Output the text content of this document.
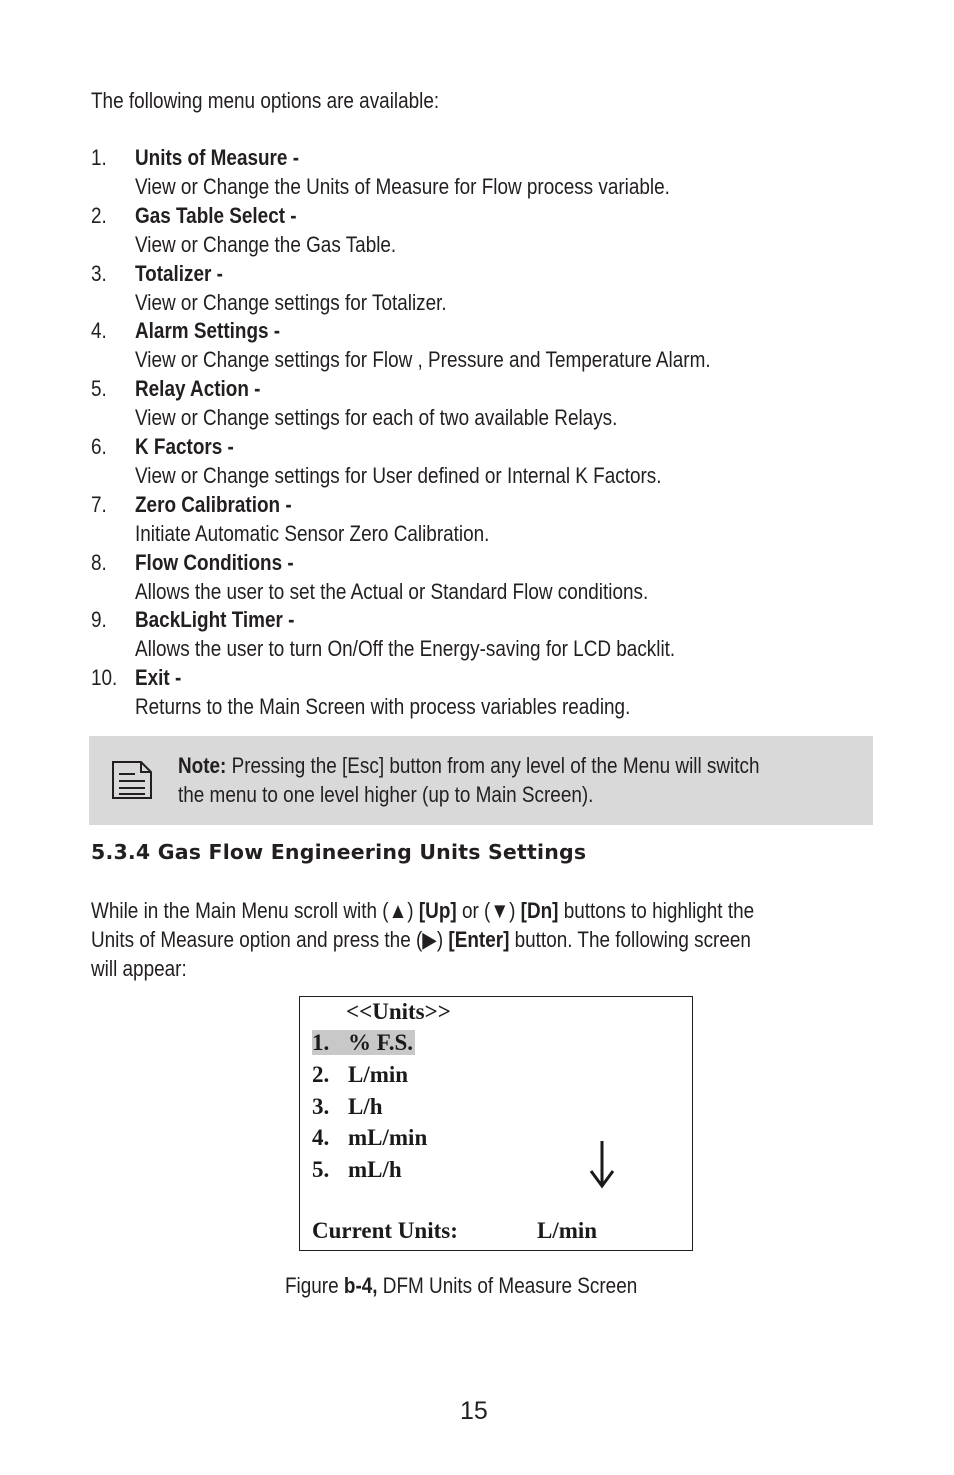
The following menu options are available:
1. Units of Measure -
View or Change the Units of Measure for Flow process variable.
2. Gas Table Select -
View or Change the Gas Table.
3. Totalizer -
View or Change settings for Totalizer.
4. Alarm Settings -
View or Change settings for Flow , Pressure and Temperature Alarm.
5. Relay Action -
View or Change settings for each of two available Relays.
6. K Factors -
View or Change settings for User defined or Internal K Factors.
7. Zero Calibration -
Initiate Automatic Sensor Zero Calibration.
8. Flow Conditions -
Allows the user to set the Actual or Standard Flow conditions.
9. BackLight Timer -
Allows the user to turn On/Off the Energy-saving for LCD backlit.
10. Exit -
Returns to the Main Screen with process variables reading.
Note: Pressing the [Esc] button from any level of the Menu will switch
the menu to one level higher (up to Main Screen).
5.3.4 Gas Flow Engineering Units Settings
While in the Main Menu scroll with (▲) [Up] or (▼) [Dn] buttons to highlight the
Units of Measure option and press the (▶) [Enter] button. The following screen
will appear:
<<Units>>
1. % F.S.
2. L/min
3. L/h
4. mL/min
5. mL/h
Current Units:	L/min
Figure b-4, DFM Units of Measure Screen
15
